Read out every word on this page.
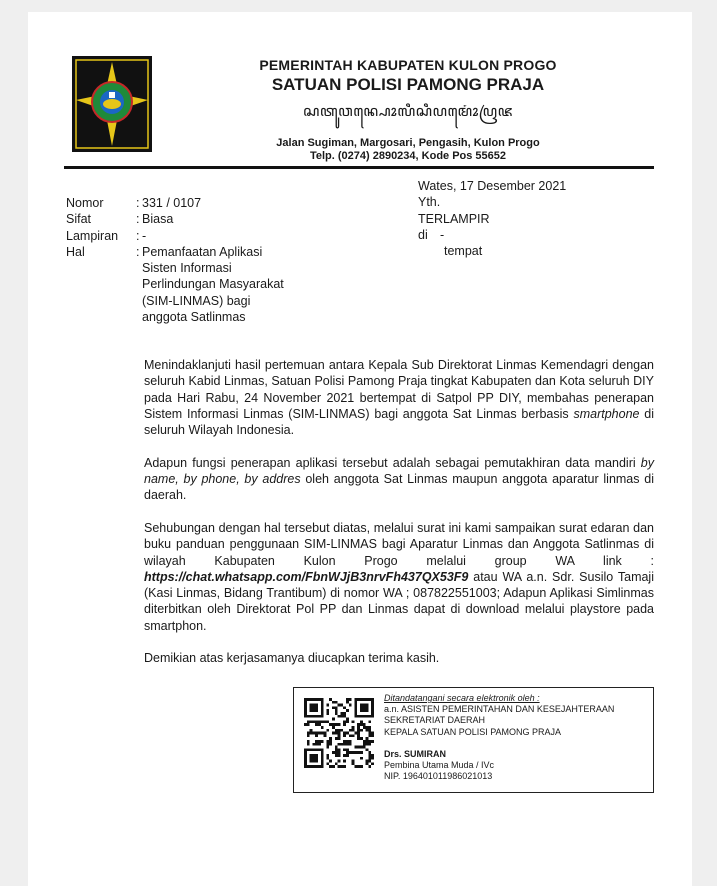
PEMERINTAH KABUPATEN KULON PROGO
SATUAN POLISI PAMONG PRAJA
ꦱꦠꦸꦮꦤ꧀ꦥꦺꦴꦭꦶꦱꦶꦥꦩꦺꦴꦁꦥꦿꦗ
Jalan Sugiman, Margosari, Pengasih, Kulon Progo
Telp. (0274) 2890234, Kode Pos 55652
Nomor	: 331 / 0107
Sifat	: Biasa
Lampiran	: -
Hal	: Pemanfaatan Aplikasi
Sisten Informasi
Perlindungan Masyarakat
(SIM-LINMAS) bagi
anggota Satlinmas
Wates, 17 Desember 2021
Yth.
TERLAMPIR
di -
tempat

Menindaklanjuti hasil pertemuan antara Kepala Sub Direktorat Linmas Kemendagri dengan seluruh Kabid Linmas, Satuan Polisi Pamong Praja tingkat Kabupaten dan Kota seluruh DIY pada Hari Rabu, 24 November 2021 bertempat di Satpol PP DIY, membahas penerapan Sistem Informasi Linmas (SIM-LINMAS) bagi anggota Sat Linmas berbasis smartphone di seluruh Wilayah Indonesia.

Adapun fungsi penerapan aplikasi tersebut adalah sebagai pemutakhiran data mandiri by name, by phone, by addres oleh anggota Sat Linmas maupun anggota aparatur linmas di daerah.

Sehubungan dengan hal tersebut diatas, melalui surat ini kami sampaikan surat edaran dan buku panduan penggunaan SIM-LINMAS bagi Aparatur Linmas dan Anggota Satlinmas di wilayah Kabupaten Kulon Progo melalui group WA link : https://chat.whatsapp.com/FbnWJjB3nrvFh437QX53F9 atau WA a.n. Sdr. Susilo Tamaji (Kasi Linmas, Bidang Trantibum) di nomor WA ; 087822551003; Adapun Aplikasi Simlinmas diterbitkan oleh Direktorat Pol PP dan Linmas dapat di download melalui playstore pada smartphon.

Demikian atas kerjasamanya diucapkan terima kasih.

Ditandatangani secara elektronik oleh :
a.n. ASISTEN PEMERINTAHAN DAN KESEJAHTERAAN
SEKRETARIAT DAERAH
KEPALA SATUAN POLISI PAMONG PRAJA
Drs. SUMIRAN
Pembina Utama Muda / IVc
NIP. 196401011986021013
